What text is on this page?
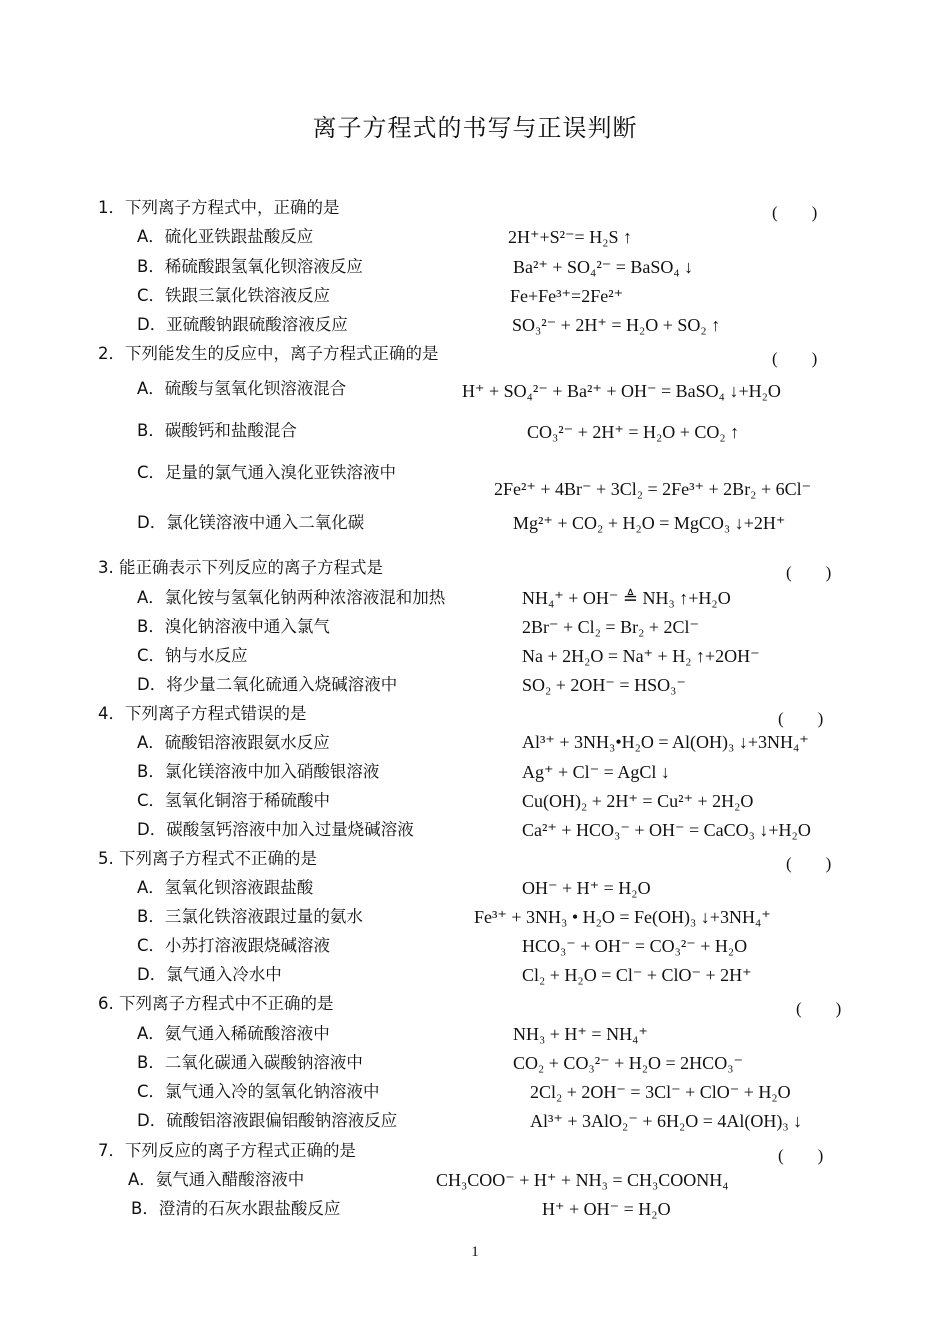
离子方程式的书写与正误判断
1．下列离子方程式中，正确的是	(　　)
A．硫化亚铁跟盐酸反应	2H⁺+S²⁻= H₂S ↑
B．稀硫酸跟氢氧化钡溶液反应	Ba²⁺ + SO₄²⁻ = BaSO₄ ↓
C．铁跟三氯化铁溶液反应	Fe+Fe³⁺=2Fe²⁺
D．亚硫酸钠跟硫酸溶液反应	SO₃²⁻ + 2H⁺ = H₂O + SO₂ ↑
2．下列能发生的反应中，离子方程式正确的是	(　　)
A．硫酸与氢氧化钡溶液混合	H⁺ + SO₄²⁻ + Ba²⁺ + OH⁻ = BaSO₄ ↓+H₂O
B．碳酸钙和盐酸混合	CO₃²⁻ + 2H⁺ = H₂O + CO₂ ↑
C．足量的氯气通入溴化亚铁溶液中
2Fe²⁺ + 4Br⁻ + 3Cl₂ = 2Fe³⁺ + 2Br₂ + 6Cl⁻
D．氯化镁溶液中通入二氧化碳	Mg²⁺ + CO₂ + H₂O = MgCO₃ ↓+2H⁺
3. 能正确表示下列反应的离子方程式是	(　　)
A．氯化铵与氢氧化钠两种浓溶液混和加热	NH₄⁺ + OH⁻ ≜ NH₃ ↑+H₂O
B．溴化钠溶液中通入氯气	2Br⁻ + Cl₂ = Br₂ + 2Cl⁻
C．钠与水反应	Na + 2H₂O = Na⁺ + H₂ ↑+2OH⁻
D．将少量二氧化硫通入烧碱溶液中	SO₂ + 2OH⁻ = HSO₃⁻
4．下列离子方程式错误的是	(　　)
A．硫酸铝溶液跟氨水反应	Al³⁺ + 3NH₃•H₂O = Al(OH)₃ ↓+3NH₄⁺
B．氯化镁溶液中加入硝酸银溶液	Ag⁺ + Cl⁻ = AgCl ↓
C．氢氧化铜溶于稀硫酸中	Cu(OH)₂ + 2H⁺ = Cu²⁺ + 2H₂O
D．碳酸氢钙溶液中加入过量烧碱溶液	Ca²⁺ + HCO₃⁻ + OH⁻ = CaCO₃ ↓+H₂O
5. 下列离子方程式不正确的是	(　　)
A．氢氧化钡溶液跟盐酸	OH⁻ + H⁺ = H₂O
B．三氯化铁溶液跟过量的氨水	Fe³⁺ + 3NH₃ • H₂O = Fe(OH)₃ ↓+3NH₄⁺
C．小苏打溶液跟烧碱溶液	HCO₃⁻ + OH⁻ = CO₃²⁻ + H₂O
D．氯气通入冷水中	Cl₂ + H₂O = Cl⁻ + ClO⁻ + 2H⁺
6. 下列离子方程式中不正确的是	(　　)
A．氨气通入稀硫酸溶液中	NH₃ + H⁺ = NH₄⁺
B．二氧化碳通入碳酸钠溶液中	CO₂ + CO₃²⁻ + H₂O = 2HCO₃⁻
C．氯气通入冷的氢氧化钠溶液中	2Cl₂ + 2OH⁻ = 3Cl⁻ + ClO⁻ + H₂O
D．硫酸铝溶液跟偏铝酸钠溶液反应	Al³⁺ + 3AlO₂⁻ + 6H₂O = 4Al(OH)₃ ↓
7．下列反应的离子方程式正确的是	(　　)
A．氨气通入醋酸溶液中	CH₃COO⁻ + H⁺ + NH₃ = CH₃COONH₄
B．澄清的石灰水跟盐酸反应	H⁺ + OH⁻ = H₂O
1
